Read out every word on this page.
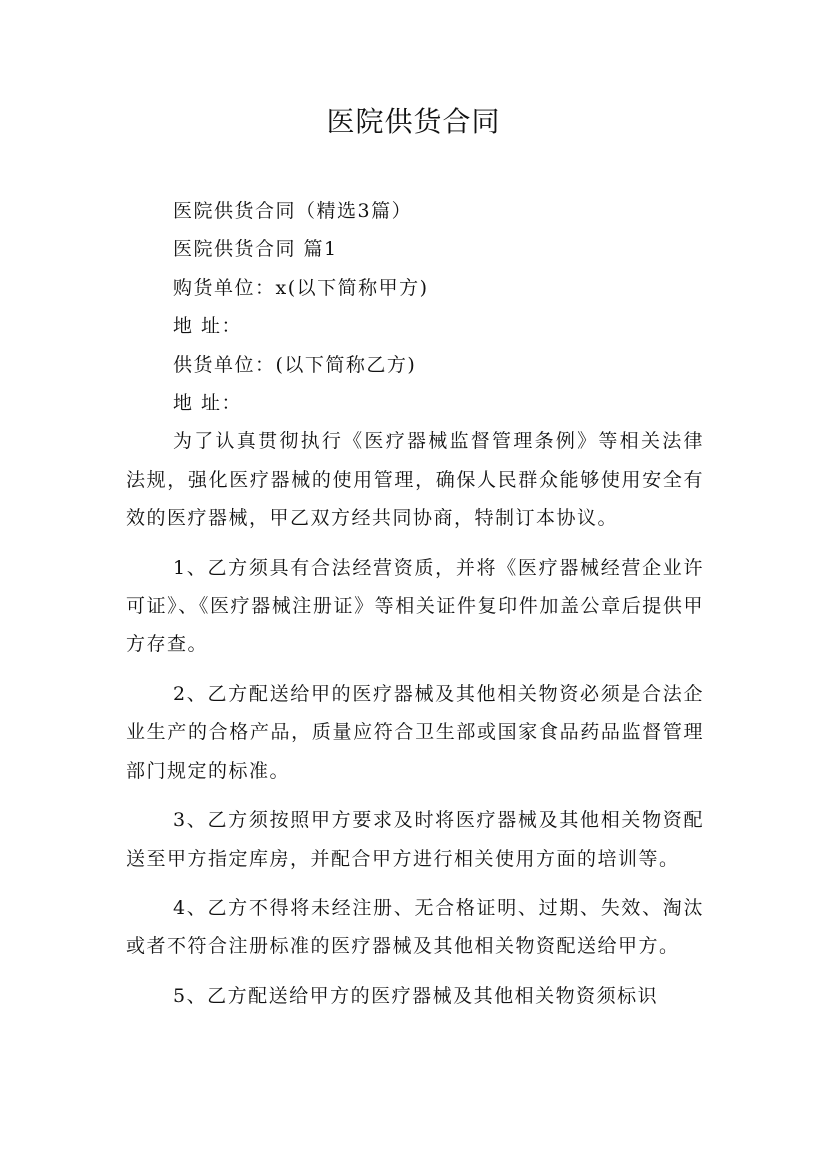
医院供货合同

医院供货合同（精选3篇）

医院供货合同 篇1

购货单位：x(以下简称甲方)

地 址：

供货单位：(以下简称乙方)

地 址：

为了认真贯彻执行《医疗器械监督管理条例》等相关法律法规，强化医疗器械的使用管理，确保人民群众能够使用安全有效的医疗器械，甲乙双方经共同协商，特制订本协议。

1、乙方须具有合法经营资质，并将《医疗器械经营企业许可证》、《医疗器械注册证》等相关证件复印件加盖公章后提供甲方存查。

2、乙方配送给甲的医疗器械及其他相关物资必须是合法企业生产的合格产品，质量应符合卫生部或国家食品药品监督管理部门规定的标准。

3、乙方须按照甲方要求及时将医疗器械及其他相关物资配送至甲方指定库房，并配合甲方进行相关使用方面的培训等。

4、乙方不得将未经注册、无合格证明、过期、失效、淘汰或者不符合注册标准的医疗器械及其他相关物资配送给甲方。

5、乙方配送给甲方的医疗器械及其他相关物资须标识
